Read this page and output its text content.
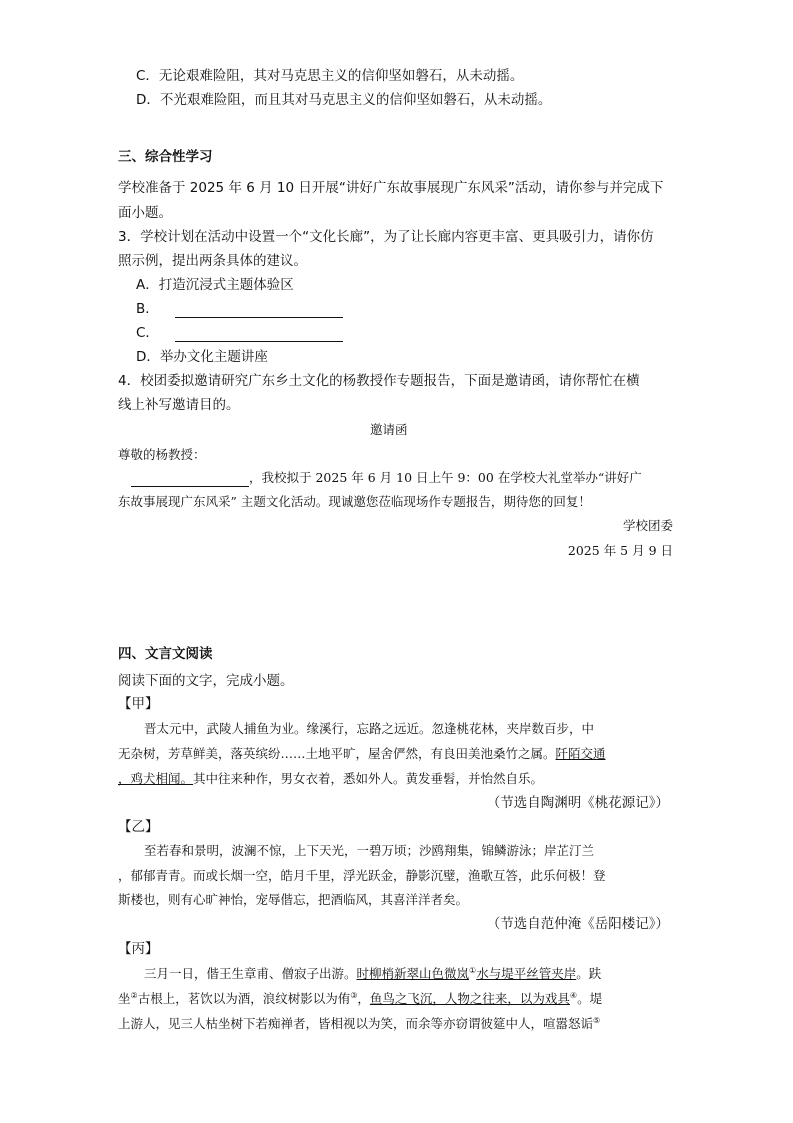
C．无论艰难险阻，其对马克思主义的信仰坚如磐石，从未动摇。
D．不光艰难险阻，而且其对马克思主义的信仰坚如磐石，从未动摇。
三、综合性学习
学校准备于 2025 年 6 月 10 日开展“讲好广东故事展现广东风采”活动，请你参与并完成下
面小题。
3．学校计划在活动中设置一个“文化长廊”，为了让长廊内容更丰富、更具吸引力，请你仿
照示例，提出两条具体的建议。
A．打造沉浸式主题体验区
B．
C．
D．举办文化主题讲座
4．校团委拟邀请研究广东乡土文化的杨教授作专题报告，下面是邀请函，请你帮忙在横
线上补写邀请目的。
邀请函
尊敬的杨教授：
，我校拟于 2025 年 6 月 10 日上午 9：00 在学校大礼堂举办“讲好广
东故事展现广东风采” 主题文化活动。现诚邀您莅临现场作专题报告，期待您的回复！
学校团委
2025 年 5 月 9 日
四、文言文阅读
阅读下面的文字，完成小题。
【甲】
晋太元中，武陵人捕鱼为业。缘溪行，忘路之远近。忽逢桃花林，夹岸数百步，中
无杂树，芳草鲜美，落英缤纷……土地平旷，屋舍俨然，有良田美池桑竹之属。阡陌交通
，鸡犬相闻。其中往来种作，男女衣着，悉如外人。黄发垂髫，并怡然自乐。
（节选自陶渊明《桃花源记》）
【乙】
至若春和景明，波澜不惊，上下天光，一碧万顷；沙鸥翔集，锦鳞游泳；岸芷汀兰
，郁郁青青。而或长烟一空，皓月千里，浮光跃金，静影沉璧，渔歌互答，此乐何极！登
斯楼也，则有心旷神怡，宠辱偕忘，把酒临风，其喜洋洋者矣。
（节选自范仲淹《岳阳楼记》）
【丙】
三月一日，偕王生章甫、僧寂子出游。时柳梢新翠山色微岚①水与堤平丝管夹岸。趺
坐②古根上，茗饮以为酒，浪纹树影以为侑③，鱼鸟之飞沉，人物之往来，以为戏具④。堤
上游人，见三人枯坐树下若痴禅者，皆相视以为笑，而余等亦窃谓彼筵中人，喧嚣怒诟⑤
